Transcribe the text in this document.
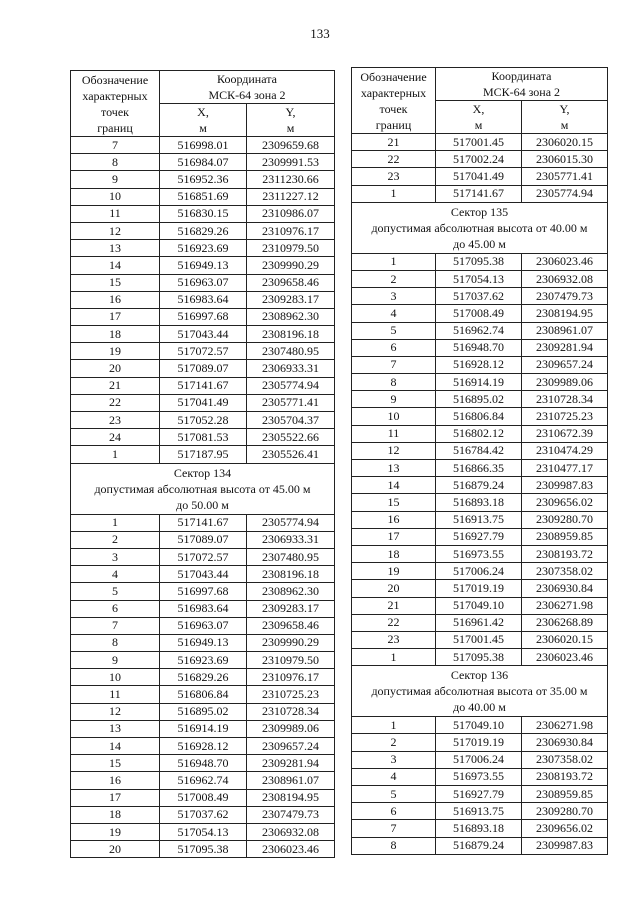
133
Обозначение
характерных
точек
границ	Координата
МСК-64 зона 2	
	X,
м	Y,
м
7	516998.01	2309659.68
8	516984.07	2309991.53
9	516952.36	2311230.66
10	516851.69	2311227.12
11	516830.15	2310986.07
12	516829.26	2310976.17
13	516923.69	2310979.50
14	516949.13	2309990.29
15	516963.07	2309658.46
16	516983.64	2309283.17
17	516997.68	2308962.30
18	517043.44	2308196.18
19	517072.57	2307480.95
20	517089.07	2306933.31
21	517141.67	2305774.94
22	517041.49	2305771.41
23	517052.28	2305704.37
24	517081.53	2305522.66
1	517187.95	2305526.41
Сектор 134
допустимая абсолютная высота от 45.00 м
до 50.00 м		
1	517141.67	2305774.94
2	517089.07	2306933.31
3	517072.57	2307480.95
4	517043.44	2308196.18
5	516997.68	2308962.30
6	516983.64	2309283.17
7	516963.07	2309658.46
8	516949.13	2309990.29
9	516923.69	2310979.50
10	516829.26	2310976.17
11	516806.84	2310725.23
12	516895.02	2310728.34
13	516914.19	2309989.06
14	516928.12	2309657.24
15	516948.70	2309281.94
16	516962.74	2308961.07
17	517008.49	2308194.95
18	517037.62	2307479.73
19	517054.13	2306932.08
20	517095.38	2306023.46
Обозначение
характерных
точек
границ	Координата
МСК-64 зона 2	
	X,
м	Y,
м
21	517001.45	2306020.15
22	517002.24	2306015.30
23	517041.49	2305771.41
1	517141.67	2305774.94
Сектор 135
допустимая абсолютная высота от 40.00 м
до 45.00 м		
1	517095.38	2306023.46
2	517054.13	2306932.08
3	517037.62	2307479.73
4	517008.49	2308194.95
5	516962.74	2308961.07
6	516948.70	2309281.94
7	516928.12	2309657.24
8	516914.19	2309989.06
9	516895.02	2310728.34
10	516806.84	2310725.23
11	516802.12	2310672.39
12	516784.42	2310474.29
13	516866.35	2310477.17
14	516879.24	2309987.83
15	516893.18	2309656.02
16	516913.75	2309280.70
17	516927.79	2308959.85
18	516973.55	2308193.72
19	517006.24	2307358.02
20	517019.19	2306930.84
21	517049.10	2306271.98
22	516961.42	2306268.89
23	517001.45	2306020.15
1	517095.38	2306023.46
Сектор 136
допустимая абсолютная высота от 35.00 м
до 40.00 м		
1	517049.10	2306271.98
2	517019.19	2306930.84
3	517006.24	2307358.02
4	516973.55	2308193.72
5	516927.79	2308959.85
6	516913.75	2309280.70
7	516893.18	2309656.02
8	516879.24	2309987.83
